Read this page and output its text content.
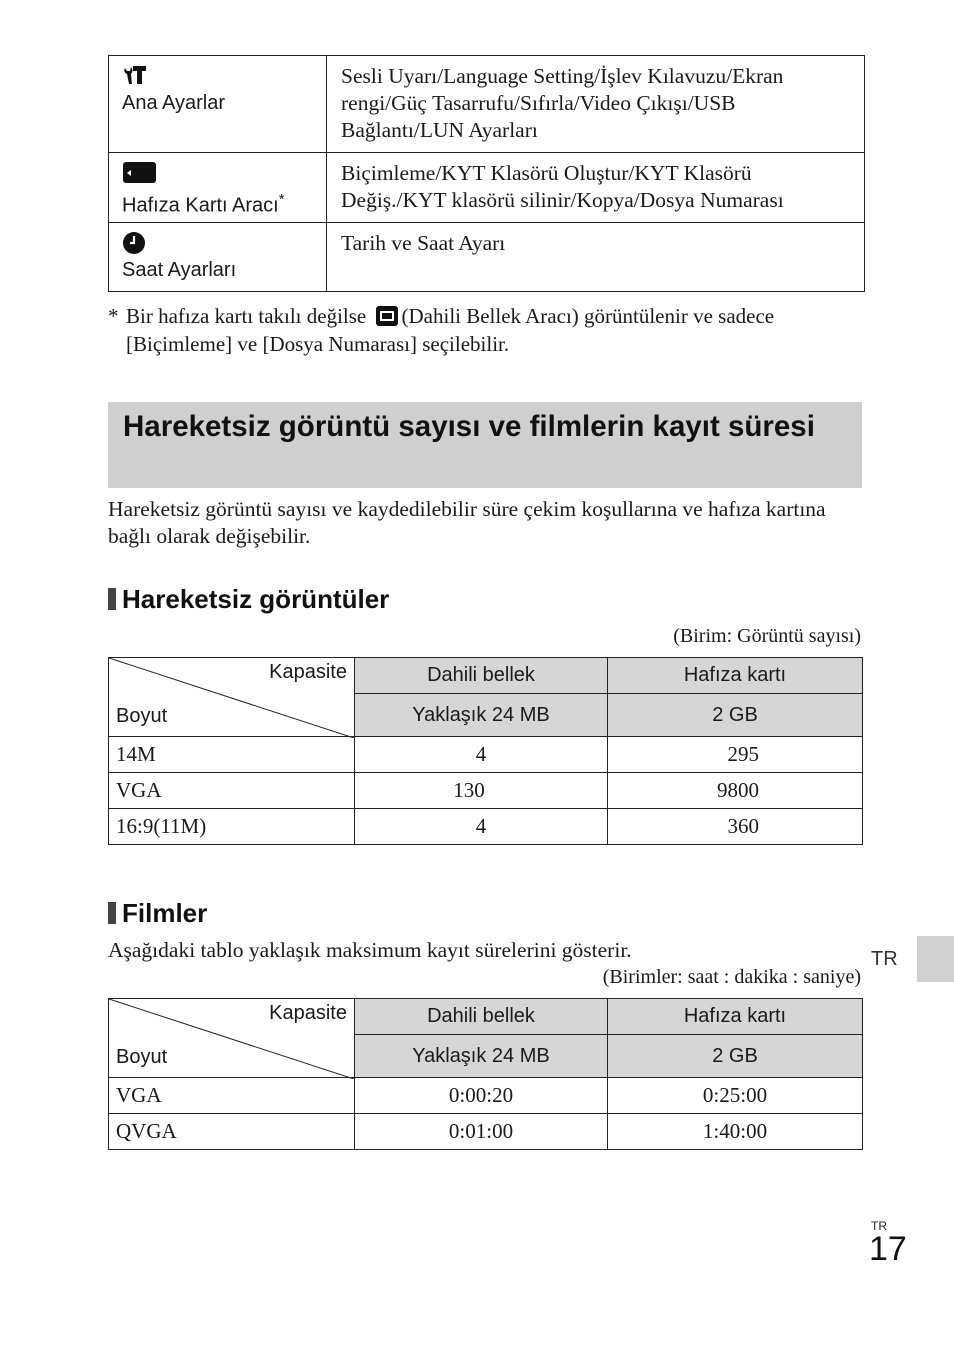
Ana Ayarlar	Sesli Uyarı/Language Setting/İşlev Kılavuzu/Ekran rengi/Güç Tasarrufu/Sıfırla/Video Çıkışı/USB Bağlantı/LUN Ayarları

Hafıza Kartı Aracı*	Biçimleme/KYT Klasörü Oluştur/KYT Klasörü Değiş./KYT klasörü silinir/Kopya/Dosya Numarası

Saat Ayarları	Tarih ve Saat Ayarı
* Bir hafıza kartı takılı değilse (Dahili Bellek Aracı) görüntülenir ve sadece
[Biçimleme] ve [Dosya Numarası] seçilebilir.
Hareketsiz görüntü sayısı ve filmlerin kayıt süresi
Hareketsiz görüntü sayısı ve kaydedilebilir süre çekim koşullarına ve hafıza kartına bağlı olarak değişebilir.
Hareketsiz görüntüler
(Birim: Görüntü sayısı)
Kapasite
Boyut	Dahili bellek	Hafıza kartı
	Yaklaşık 24 MB	2 GB
14M	4	295
VGA	130	9800
16:9(11M)	4	360
Filmler
Aşağıdaki tablo yaklaşık maksimum kayıt sürelerini gösterir.
(Birimler: saat : dakika : saniye)
Kapasite
Boyut	Dahili bellek	Hafıza kartı
	Yaklaşık 24 MB	2 GB
VGA	0:00:20	0:25:00
QVGA	0:01:00	1:40:00
TR
TR
17
